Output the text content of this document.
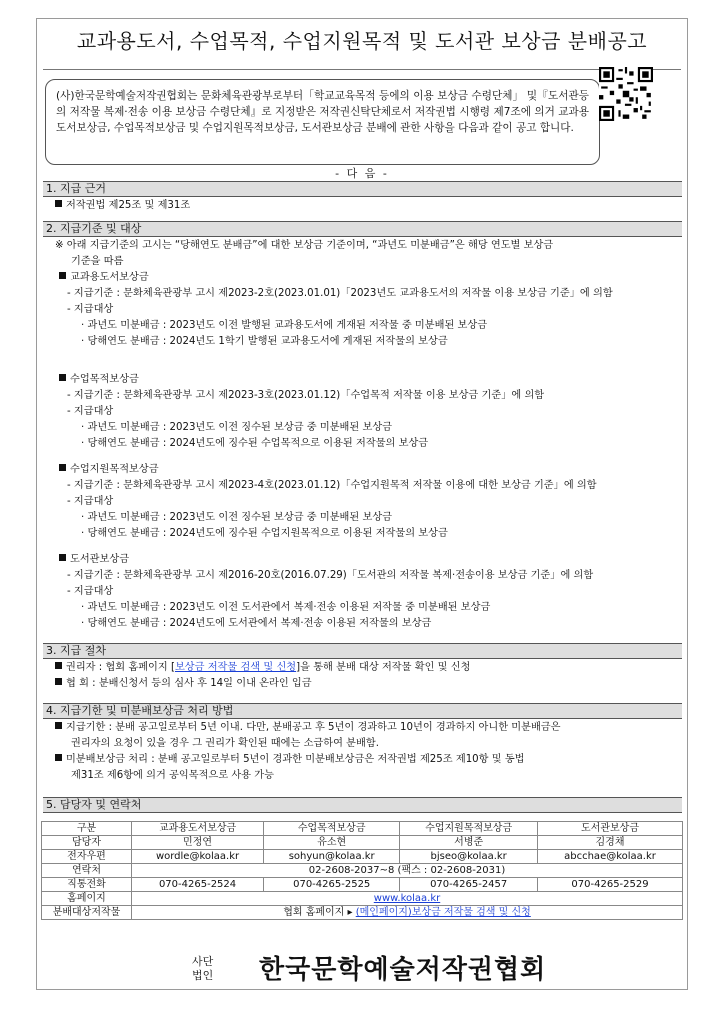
교과용도서, 수업목적, 수업지원목적 및 도서관 보상금 분배공고
(사)한국문학예술저작권협회는 문화체육관광부로부터「학교교육목적 등에의 이용 보상금 수령단체」 및『도서관등의 저작물 복제·전송 이용 보상금 수령단체』로 지정받은 저작권신탁단체로서 저작권법 시행령 제7조에 의거 교과용도서보상금, 수업목적보상금 및 수업지원목적보상금, 도서관보상금 분배에 관한 사항을 다음과 같이 공고 합니다.
- 다 음 -
1. 지급 근거
저작권법 제25조 및 제31조
2. 지급기준 및 대상
※ 아래 지급기준의 고시는 “당해연도 분배금”에 대한 보상금 기준이며, “과년도 미분배금”은 해당 연도별 보상금
기준을 따름
교과용도서보상금
- 지급기준 : 문화체육관광부 고시 제2023-2호(2023.01.01)「2023년도 교과용도서의 저작물 이용 보상금 기준」에 의함
- 지급대상
· 과년도 미분배금 : 2023년도 이전 발행된 교과용도서에 게재된 저작물 중 미분배된 보상금
· 당해연도 분배금 : 2024년도 1학기 발행된 교과용도서에 게재된 저작물의 보상금
수업목적보상금
- 지급기준 : 문화체육관광부 고시 제2023-3호(2023.01.12)「수업목적 저작물 이용 보상금 기준」에 의함
- 지급대상
· 과년도 미분배금 : 2023년도 이전 징수된 보상금 중 미분배된 보상금
· 당해연도 분배금 : 2024년도에 징수된 수업목적으로 이용된 저작물의 보상금
수업지원목적보상금
- 지급기준 : 문화체육관광부 고시 제2023-4호(2023.01.12)「수업지원목적 저작물 이용에 대한 보상금 기준」에 의함
- 지급대상
· 과년도 미분배금 : 2023년도 이전 징수된 보상금 중 미분배된 보상금
· 당해연도 분배금 : 2024년도에 징수된 수업지원목적으로 이용된 저작물의 보상금
도서관보상금
- 지급기준 : 문화체육관광부 고시 제2016-20호(2016.07.29)「도서관의 저작물 복제·전송이용 보상금 기준」에 의함
- 지급대상
· 과년도 미분배금 : 2023년도 이전 도서관에서 복제·전송 이용된 저작물 중 미분배된 보상금
· 당해연도 분배금 : 2024년도에 도서관에서 복제·전송 이용된 저작물의 보상금
3. 지급 절차
권리자 : 협회 홈페이지 [보상금 저작물 검색 및 신청]을 통해 분배 대상 저작물 확인 및 신청
협 회 : 분배신청서 등의 심사 후 14일 이내 온라인 입금
4. 지급기한 및 미분배보상금 처리 방법
지급기한 : 분배 공고일로부터 5년 이내. 다만, 분배공고 후 5년이 경과하고 10년이 경과하지 아니한 미분배금은
권리자의 요청이 있을 경우 그 권리가 확인된 때에는 소급하여 분배함.
미분배보상금 처리 : 분배 공고일로부터 5년이 경과한 미분배보상금은 저작권법 제25조 제10항 및 동법
제31조 제6항에 의거 공익목적으로 사용 가능
5. 담당자 및 연락처
구분	교과용도서보상금	수업목적보상금	수업지원목적보상금	도서관보상금
담당자	민정연	유소현	서병준	김경채
전자우편	wordle@kolaa.kr	sohyun@kolaa.kr	bjseo@kolaa.kr	abcchae@kolaa.kr
연락처	02-2608-2037~8 (팩스 : 02-2608-2031)			
직통전화	070-4265-2524	070-4265-2525	070-4265-2457	070-4265-2529
홈페이지	www.kolaa.kr			
분배대상저작물	협회 홈페이지 ▸ (메인페이지)보상금 저작물 검색 및 신청			
사단
법인 한국문학예술저작권협회
